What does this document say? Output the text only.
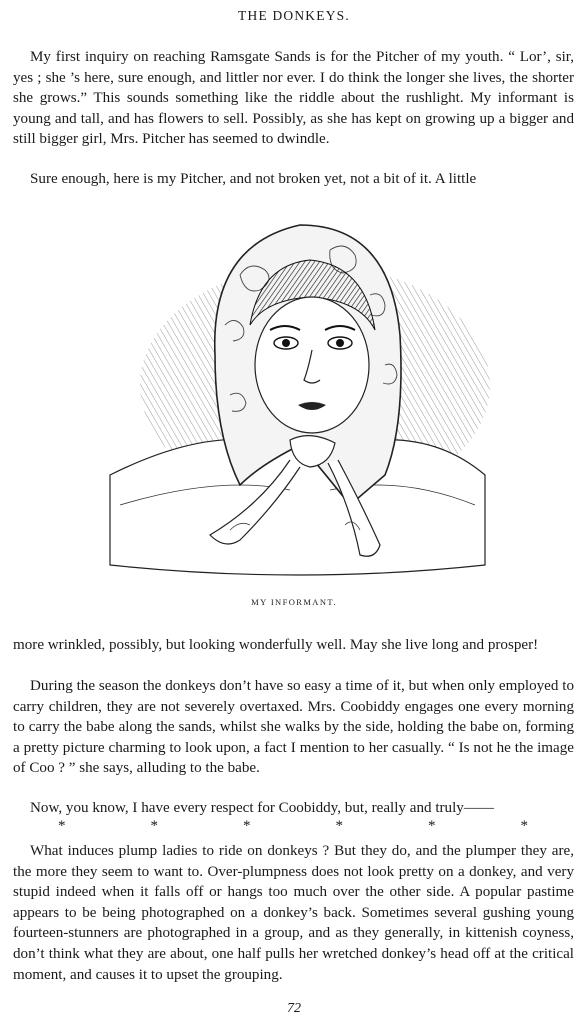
THE DONKEYS.

My first inquiry on reaching Ramsgate Sands is for the Pitcher of my youth. “ Lor’, sir, yes ; she ’s here, sure enough, and littler nor ever. I do think the longer she lives, the shorter she grows.” This sounds something like the riddle about the rushlight. My informant is young and tall, and has flowers to sell. Possibly, as she has kept on growing up a bigger and still bigger girl, Mrs. Pitcher has seemed to dwindle.

Sure enough, here is my Pitcher, and not broken yet, not a bit of it. A little

MY INFORMANT.

more wrinkled, possibly, but looking wonderfully well. May she live long and prosper!

During the season the donkeys don’t have so easy a time of it, but when only employed to carry children, they are not severely overtaxed. Mrs. Coobiddy engages one every morning to carry the babe along the sands, whilst she walks by the side, holding the babe on, forming a pretty picture charming to look upon, a fact I mention to her casually. “ Is not he the image of Coo ? ” she says, alluding to the babe.

Now, you know, I have every respect for Coobiddy, but, really and truly——

*	*	*	*	*	*

What induces plump ladies to ride on donkeys ? But they do, and the plumper they are, the more they seem to want to. Over-plumpness does not look pretty on a donkey, and very stupid indeed when it falls off or hangs too much over the other side. A popular pastime appears to be being photographed on a donkey’s back. Sometimes several gushing young fourteen-stunners are photographed in a group, and as they generally, in kittenish coyness, don’t think what they are about, one half pulls her wretched donkey’s head off at the critical moment, and causes it to upset the grouping.

72
